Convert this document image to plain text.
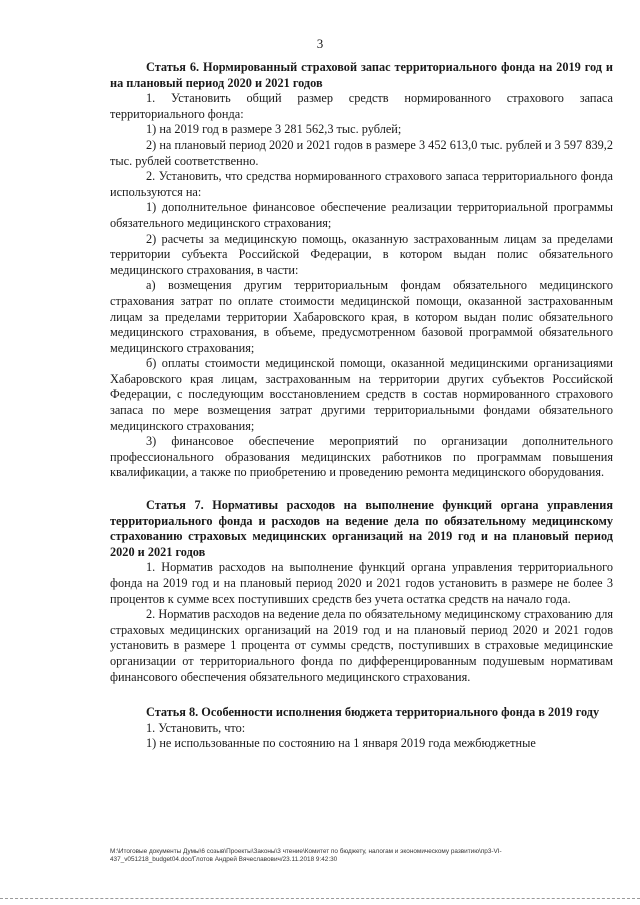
3

Статья 6. Нормированный страховой запас территориального фонда на 2019 год и на плановый период 2020 и 2021 годов

1. Установить общий размер средств нормированного страхового запаса территориального фонда:

1) на 2019 год в размере 3 281 562,3 тыс. рублей;

2) на плановый период 2020 и 2021 годов в размере 3 452 613,0 тыс. рублей и 3 597 839,2 тыс. рублей соответственно.

2. Установить, что средства нормированного страхового запаса территориального фонда используются на:

1) дополнительное финансовое обеспечение реализации территориальной программы обязательного медицинского страхования;

2) расчеты за медицинскую помощь, оказанную застрахованным лицам за пределами территории субъекта Российской Федерации, в котором выдан полис обязательного медицинского страхования, в части:

а) возмещения другим территориальным фондам обязательного медицинского страхования затрат по оплате стоимости медицинской помощи, оказанной застрахованным лицам за пределами территории Хабаровского края, в котором выдан полис обязательного медицинского страхования, в объеме, предусмотренном базовой программой обязательного медицинского страхования;

б) оплаты стоимости медицинской помощи, оказанной медицинскими организациями Хабаровского края лицам, застрахованным на территории других субъектов Российской Федерации, с последующим восстановлением средств в состав нормированного страхового запаса по мере возмещения затрат другими территориальными фондами обязательного медицинского страхования;

3) финансовое обеспечение мероприятий по организации дополнительного профессионального образования медицинских работников по программам повышения квалификации, а также по приобретению и проведению ремонта медицинского оборудования.

Статья 7. Нормативы расходов на выполнение функций органа управления территориального фонда и расходов на ведение дела по обязательному медицинскому страхованию страховых медицинских организаций на 2019 год и на плановый период 2020 и 2021 годов

1. Норматив расходов на выполнение функций органа управления территориального фонда на 2019 год и на плановый период 2020 и 2021 годов установить в размере не более 3 процентов к сумме всех поступивших средств без учета остатка средств на начало года.

2. Норматив расходов на ведение дела по обязательному медицинскому страхованию для страховых медицинских организаций на 2019 год и на плановый период 2020 и 2021 годов установить в размере 1 процента от суммы средств, поступивших в страховые медицинские организации от территориального фонда по дифференцированным подушевым нормативам финансового обеспечения обязательного медицинского страхования.

Статья 8. Особенности исполнения бюджета территориального фонда в 2019 году

1. Установить, что:

1) не использованные по состоянию на 1 января 2019 года межбюджетные

M:\Итоговые документы Думы\6 созыв\Проекты\Законы\3 чтение\Комитет по бюджету, налогам и экономическому развитию\пр3-VI-
437_v051218_budget04.doc/Глотов Андрей Вячеславович/23.11.2018 9:42:30
